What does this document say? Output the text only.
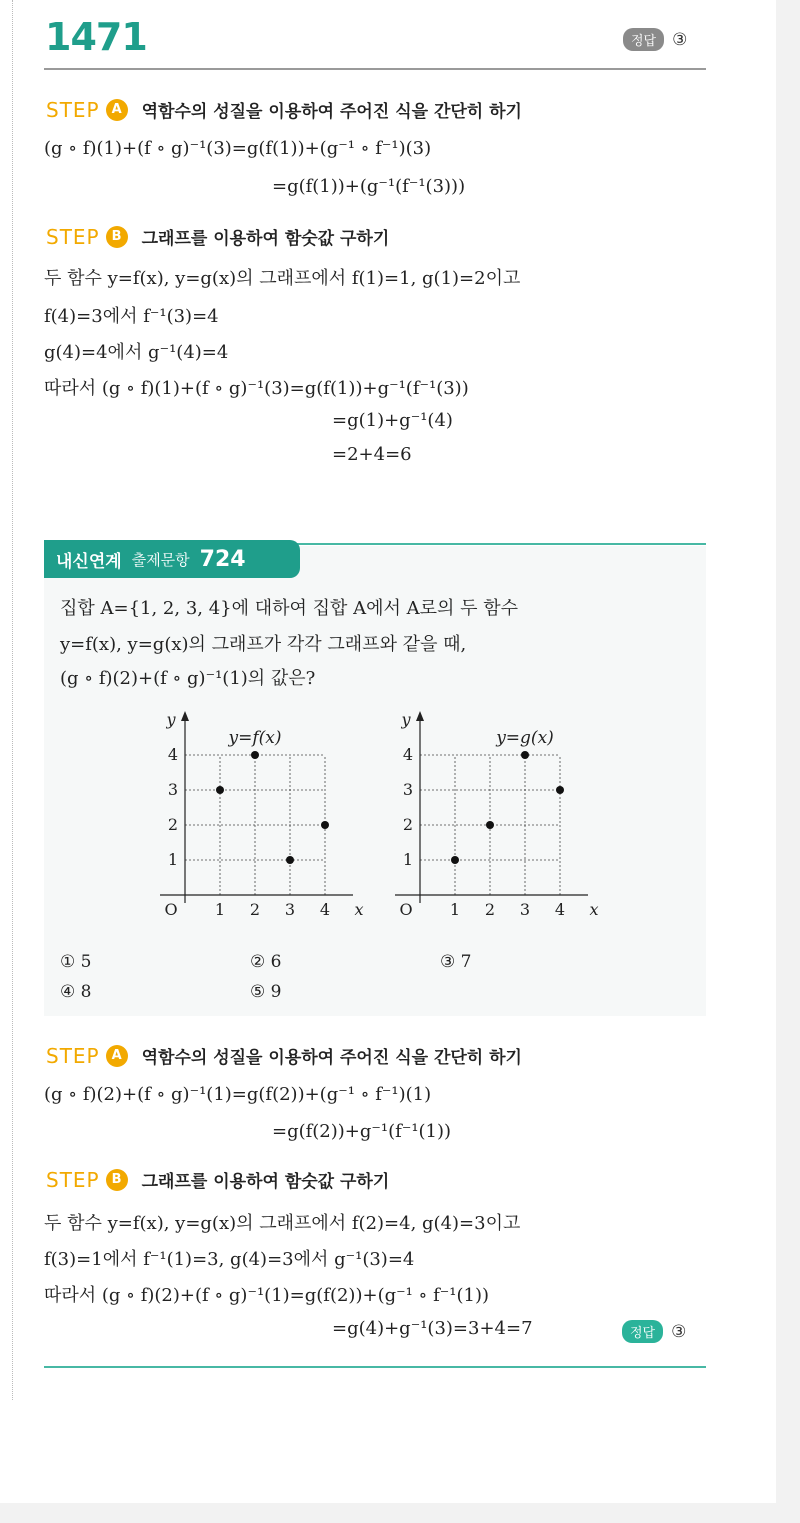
1471	정답 ③
STEP A	역함수의 성질을 이용하여 주어진 식을 간단히 하기
(g ∘ f)(1)+(f ∘ g)⁻¹(3)=g(f(1))+(g⁻¹ ∘ f⁻¹)(3)
=g(f(1))+(g⁻¹(f⁻¹(3)))
STEP B	그래프를 이용하여 함숫값 구하기
두 함수 y=f(x), y=g(x)의 그래프에서 f(1)=1, g(1)=2이고
f(4)=3에서 f⁻¹(3)=4
g(4)=4에서 g⁻¹(4)=4
따라서 (g ∘ f)(1)+(f ∘ g)⁻¹(3)=g(f(1))+g⁻¹(f⁻¹(3))
=g(1)+g⁻¹(4)
=2+4=6
내신연계 출제문항 724
집합 A={1, 2, 3, 4}에 대하여 집합 A에서 A로의 두 함수
y=f(x), y=g(x)의 그래프가 각각 그래프와 같을 때,
(g ∘ f)(2)+(f ∘ g)⁻¹(1)의 값은?
1 2 3 4
1
2
3
4
O	x
y
y=f(x)
1 2 3 4
1
2
3
4
O	x
y
y=g(x)
① 5	② 6	③ 7
④ 8	⑤ 9
STEP A	역함수의 성질을 이용하여 주어진 식을 간단히 하기
(g ∘ f)(2)+(f ∘ g)⁻¹(1)=g(f(2))+(g⁻¹ ∘ f⁻¹)(1)
=g(f(2))+g⁻¹(f⁻¹(1))
STEP B	그래프를 이용하여 함숫값 구하기
두 함수 y=f(x), y=g(x)의 그래프에서 f(2)=4, g(4)=3이고
f(3)=1에서 f⁻¹(1)=3, g(4)=3에서 g⁻¹(3)=4
따라서 (g ∘ f)(2)+(f ∘ g)⁻¹(1)=g(f(2))+(g⁻¹ ∘ f⁻¹(1))
=g(4)+g⁻¹(3)=3+4=7	정답 ③
